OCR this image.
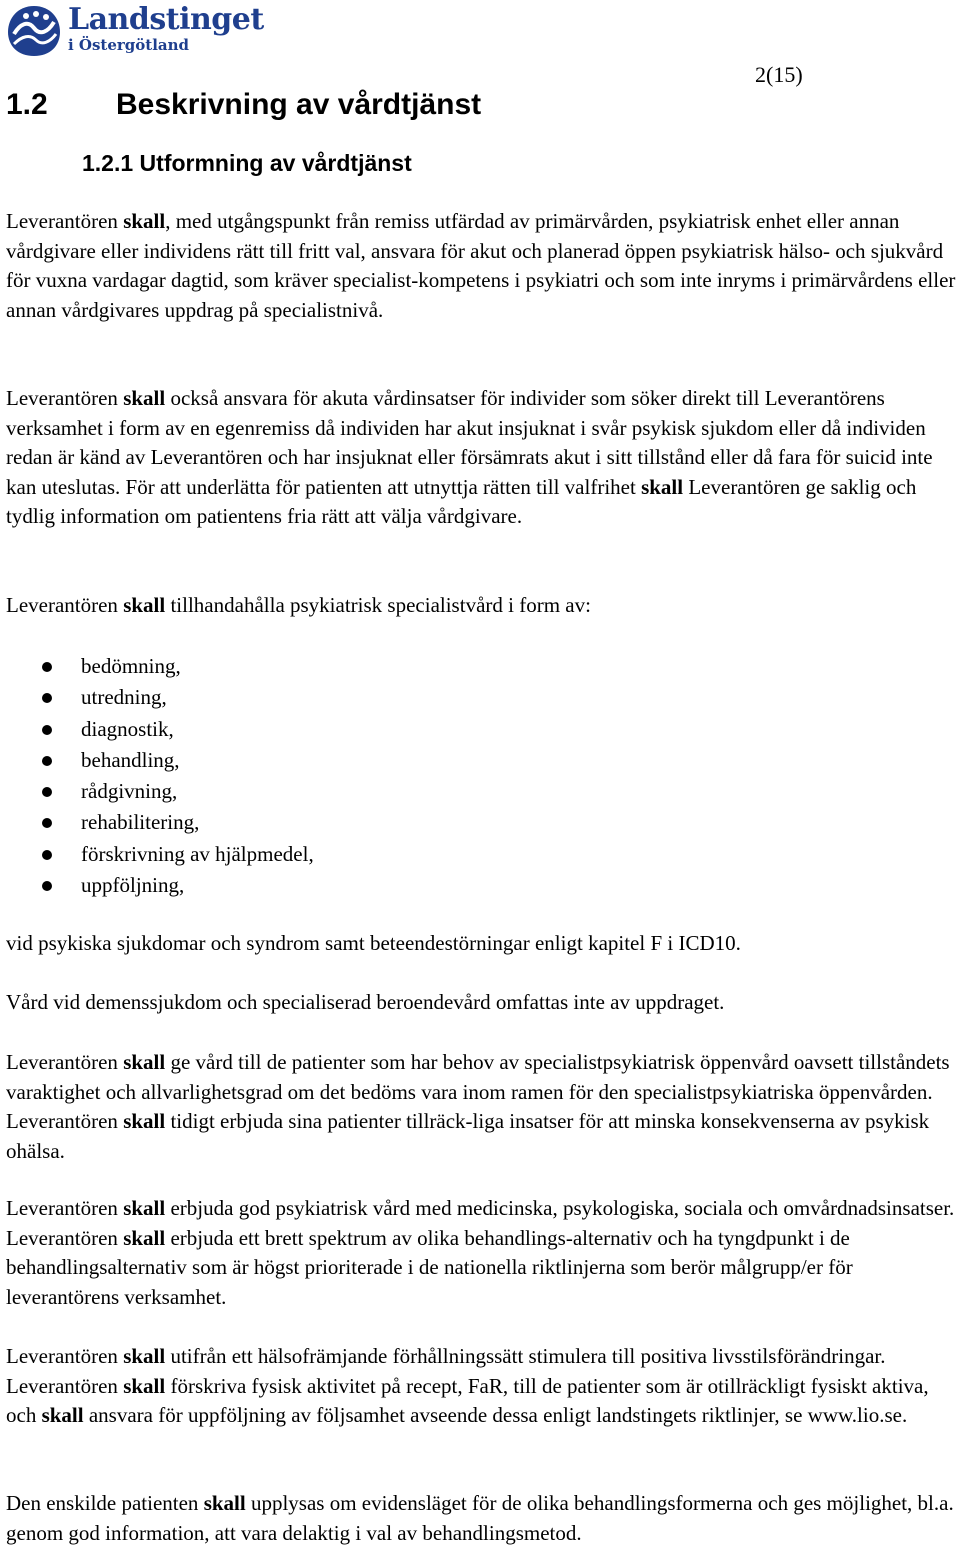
Landstinget
i Östergötland
2(15)
1.2 Beskrivning av vårdtjänst
1.2.1 Utformning av vårdtjänst

Leverantören skall, med utgångspunkt från remiss utfärdad av primärvården, psykiatrisk enhet eller annan vårdgivare eller individens rätt till fritt val, ansvara för akut och planerad öppen psykiatrisk hälso- och sjukvård för vuxna vardagar dagtid, som kräver specialist-kompetens i psykiatri och som inte inryms i primärvårdens eller annan vårdgivares uppdrag på specialistnivå.

Leverantören skall också ansvara för akuta vårdinsatser för individer som söker direkt till Leverantörens verksamhet i form av en egenremiss då individen har akut insjuknat i svår psykisk sjukdom eller då individen redan är känd av Leverantören och har insjuknat eller försämrats akut i sitt tillstånd eller då fara för suicid inte kan uteslutas. För att underlätta för patienten att utnyttja rätten till valfrihet skall Leverantören ge saklig och tydlig information om patientens fria rätt att välja vårdgivare.

Leverantören skall tillhandahålla psykiatrisk specialistvård i form av:

bedömning,
utredning,
diagnostik,
behandling,
rådgivning,
rehabilitering,
förskrivning av hjälpmedel,
uppföljning,

vid psykiska sjukdomar och syndrom samt beteendestörningar enligt kapitel F i ICD10.

Vård vid demenssjukdom och specialiserad beroendevård omfattas inte av uppdraget.

Leverantören skall ge vård till de patienter som har behov av specialistpsykiatrisk öppenvård oavsett tillståndets varaktighet och allvarlighetsgrad om det bedöms vara inom ramen för den specialistpsykiatriska öppenvården. Leverantören skall tidigt erbjuda sina patienter tillräck-liga insatser för att minska konsekvenserna av psykisk ohälsa.

Leverantören skall erbjuda god psykiatrisk vård med medicinska, psykologiska, sociala och omvårdnadsinsatser. Leverantören skall erbjuda ett brett spektrum av olika behandlings-alternativ och ha tyngdpunkt i de behandlingsalternativ som är högst prioriterade i de nationella riktlinjerna som berör målgrupp/er för leverantörens verksamhet.

Leverantören skall utifrån ett hälsofrämjande förhållningssätt stimulera till positiva livsstilsförändringar. Leverantören skall förskriva fysisk aktivitet på recept, FaR, till de patienter som är otillräckligt fysiskt aktiva, och skall ansvara för uppföljning av följsamhet avseende dessa enligt landstingets riktlinjer, se www.lio.se.

Den enskilde patienten skall upplysas om evidensläget för de olika behandlingsformerna och ges möjlighet, bl.a. genom god information, att vara delaktig i val av behandlingsmetod.
